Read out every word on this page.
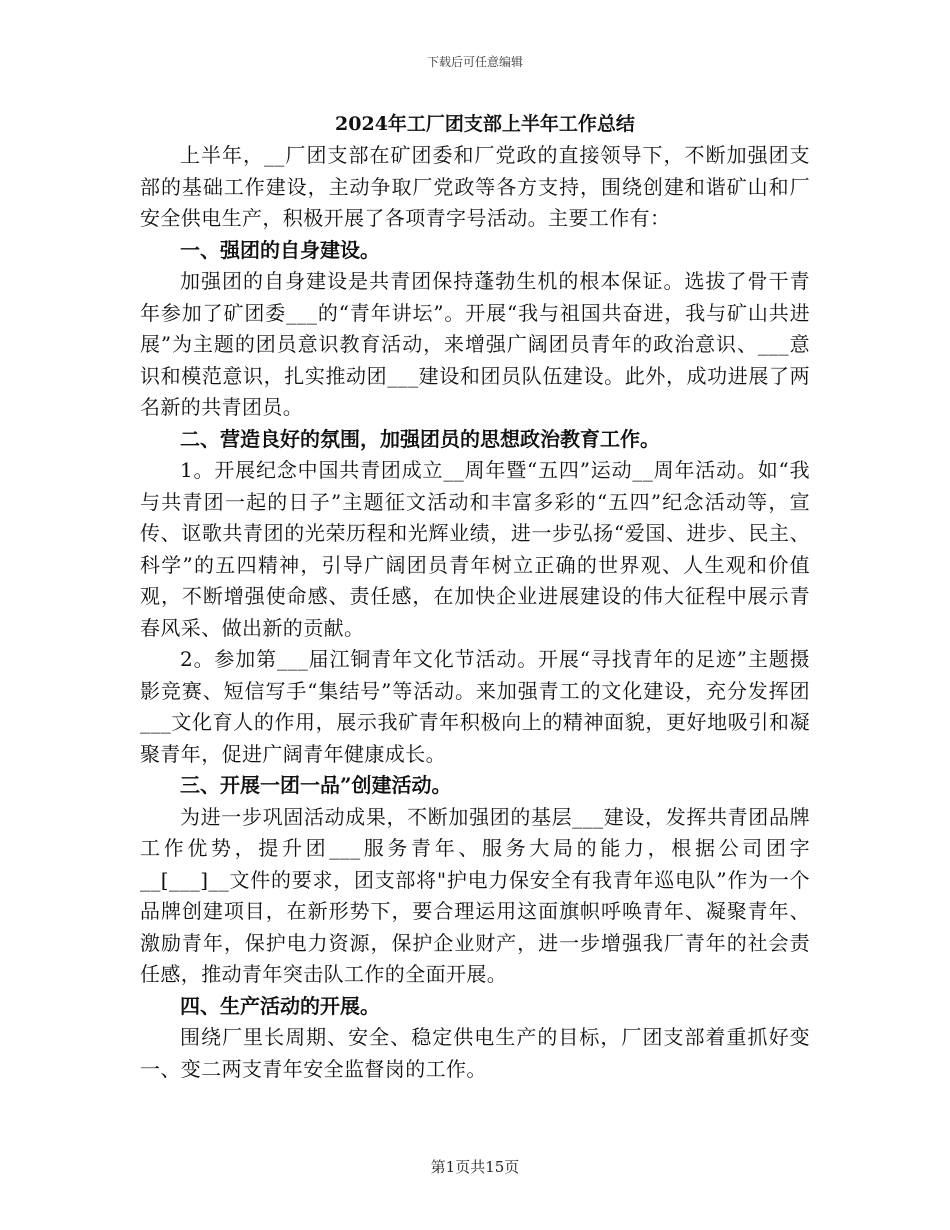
下载后可任意编辑
2024年工厂团支部上半年工作总结
上半年，__厂团支部在矿团委和厂党政的直接领导下，不断加强团支部的基础工作建设，主动争取厂党政等各方支持，围绕创建和谐矿山和厂安全供电生产，积极开展了各项青字号活动。主要工作有：
一、强团的自身建设。
加强团的自身建设是共青团保持蓬勃生机的根本保证。选拔了骨干青年参加了矿团委___的“青年讲坛”。开展“我与祖国共奋进，我与矿山共进展”为主题的团员意识教育活动，来增强广阔团员青年的政治意识、___意识和模范意识，扎实推动团___建设和团员队伍建设。此外，成功进展了两名新的共青团员。
二、营造良好的氛围，加强团员的思想政治教育工作。
1。开展纪念中国共青团成立__周年暨“五四”运动__周年活动。如“我与共青团一起的日子”主题征文活动和丰富多彩的“五四”纪念活动等，宣传、讴歌共青团的光荣历程和光辉业绩，进一步弘扬“爱国、进步、民主、科学”的五四精神，引导广阔团员青年树立正确的世界观、人生观和价值观，不断增强使命感、责任感，在加快企业进展建设的伟大征程中展示青春风采、做出新的贡献。
2。参加第___届江铜青年文化节活动。开展“寻找青年的足迹”主题摄影竞赛、短信写手“集结号”等活动。来加强青工的文化建设，充分发挥团___文化育人的作用，展示我矿青年积极向上的精神面貌，更好地吸引和凝聚青年，促进广阔青年健康成长。
三、开展一团一品”创建活动。
为进一步巩固活动成果，不断加强团的基层___建设，发挥共青团品牌工作优势，提升团___服务青年、服务大局的能力，根据公司团字__[___]__文件的要求，团支部将"护电力保安全有我青年巡电队”作为一个品牌创建项目，在新形势下，要合理运用这面旗帜呼唤青年、凝聚青年、激励青年，保护电力资源，保护企业财产，进一步增强我厂青年的社会责任感，推动青年突击队工作的全面开展。
四、生产活动的开展。
围绕厂里长周期、安全、稳定供电生产的目标，厂团支部着重抓好变一、变二两支青年安全监督岗的工作。
第1页共15页
